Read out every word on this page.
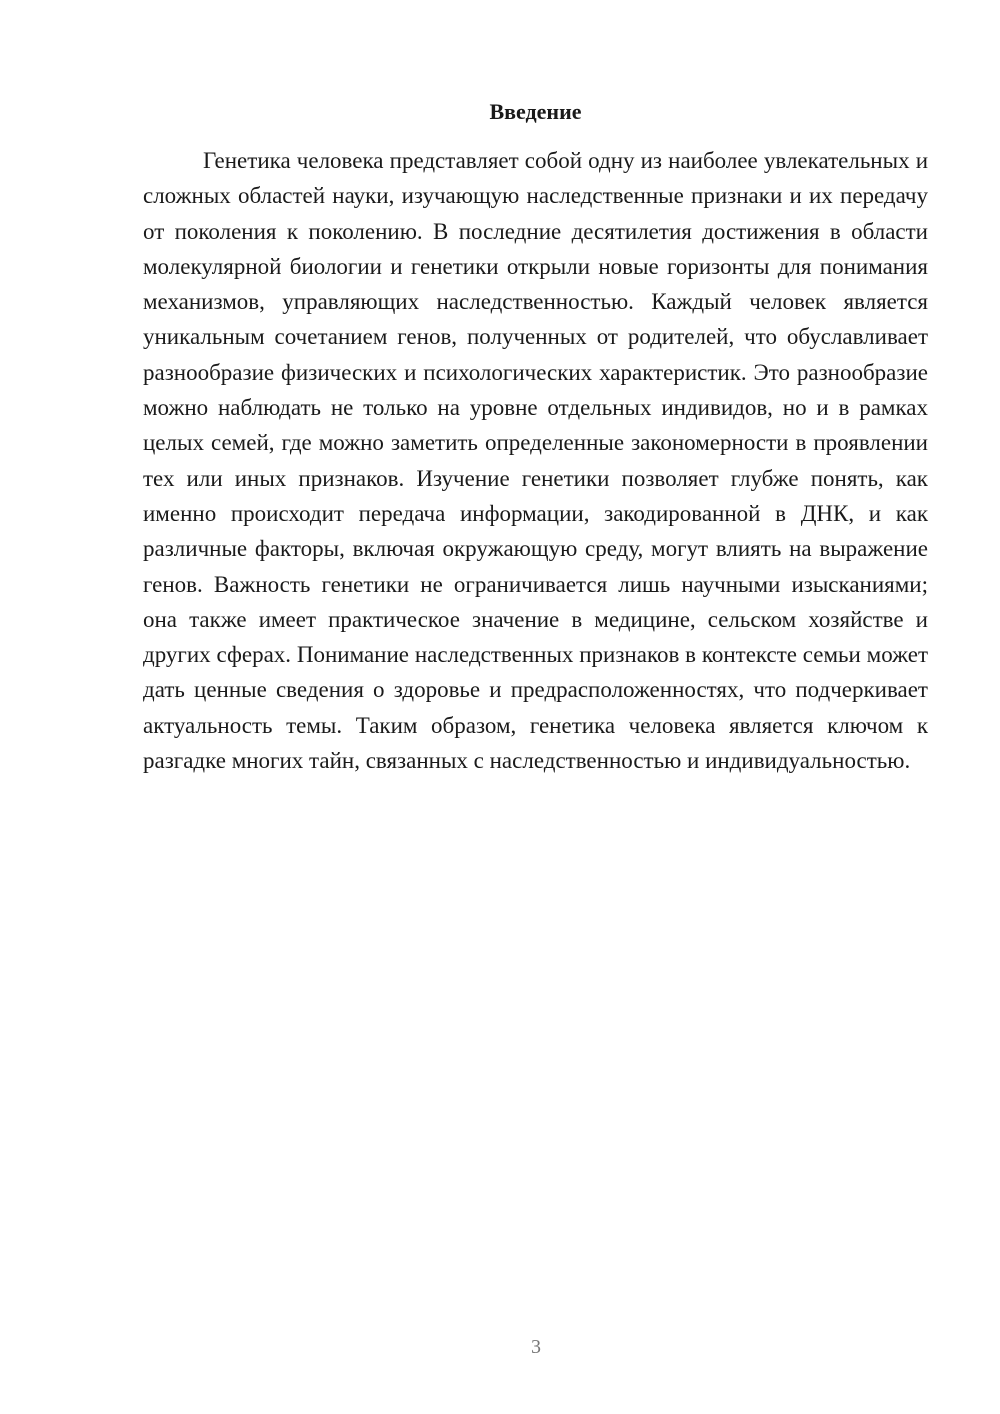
Введение

Генетика человека представляет собой одну из наиболее увлекательных и сложных областей науки, изучающую наследственные признаки и их передачу от поколения к поколению. В последние десятилетия достижения в области молекулярной биологии и генетики открыли новые горизонты для понимания механизмов, управляющих наследственностью. Каждый человек является уникальным сочетанием генов, полученных от родителей, что обуславливает разнообразие физических и психологических характеристик. Это разнообразие можно наблюдать не только на уровне отдельных индивидов, но и в рамках целых семей, где можно заметить определенные закономерности в проявлении тех или иных признаков. Изучение генетики позволяет глубже понять, как именно происходит передача информации, закодированной в ДНК, и как различные факторы, включая окружающую среду, могут влиять на выражение генов. Важность генетики не ограничивается лишь научными изысканиями; она также имеет практическое значение в медицине, сельском хозяйстве и других сферах. Понимание наследственных признаков в контексте семьи может дать ценные сведения о здоровье и предрасположенностях, что подчеркивает актуальность темы. Таким образом, генетика человека является ключом к разгадке многих тайн, связанных с наследственностью и индивидуальностью.

3
